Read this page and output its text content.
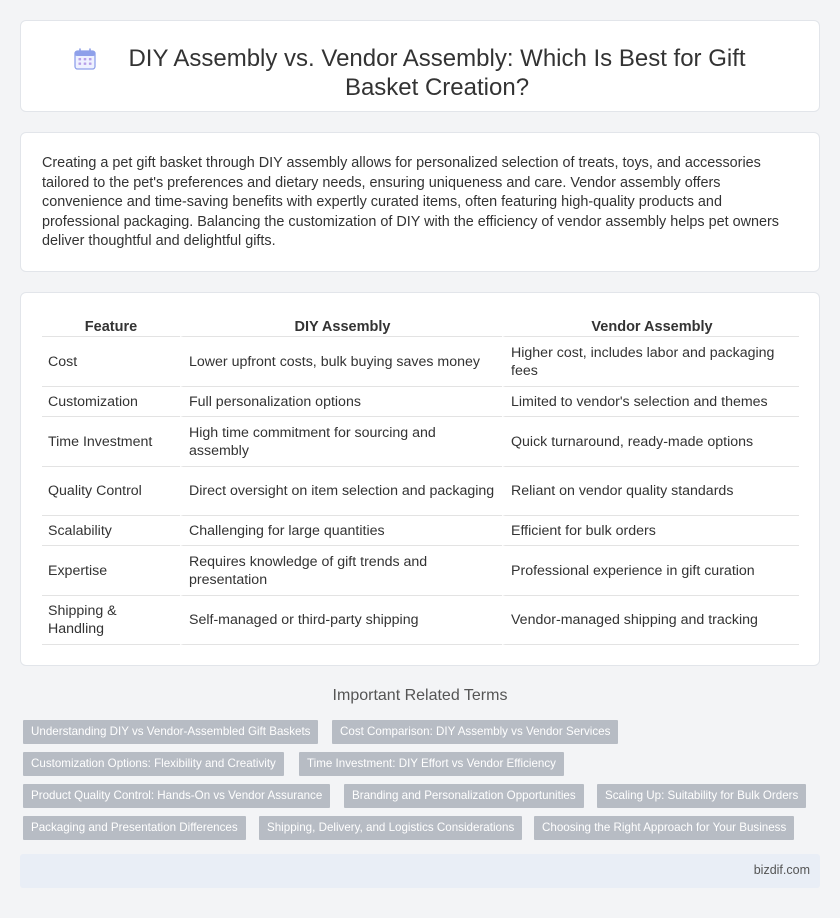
DIY Assembly vs. Vendor Assembly: Which Is Best for Gift Basket Creation?

Creating a pet gift basket through DIY assembly allows for personalized selection of treats, toys, and accessories tailored to the pet's preferences and dietary needs, ensuring uniqueness and care. Vendor assembly offers convenience and time-saving benefits with expertly curated items, often featuring high-quality products and professional packaging. Balancing the customization of DIY with the efficiency of vendor assembly helps pet owners deliver thoughtful and delightful gifts.

Feature	DIY Assembly	Vendor Assembly
Cost	Lower upfront costs, bulk buying saves money	Higher cost, includes labor and packaging fees
Customization	Full personalization options	Limited to vendor's selection and themes
Time Investment	High time commitment for sourcing and assembly	Quick turnaround, ready-made options
Quality Control	Direct oversight on item selection and packaging	Reliant on vendor quality standards
Scalability	Challenging for large quantities	Efficient for bulk orders
Expertise	Requires knowledge of gift trends and presentation	Professional experience in gift curation
Shipping & Handling	Self-managed or third-party shipping	Vendor-managed shipping and tracking
Important Related Terms
Understanding DIY vs Vendor-Assembled Gift Baskets	Cost Comparison: DIY Assembly vs Vendor Services
Customization Options: Flexibility and Creativity	Time Investment: DIY Effort vs Vendor Efficiency
Product Quality Control: Hands-On vs Vendor Assurance	Branding and Personalization Opportunities	Scaling Up: Suitability for Bulk Orders
Packaging and Presentation Differences	Shipping, Delivery, and Logistics Considerations	Choosing the Right Approach for Your Business
bizdif.com
